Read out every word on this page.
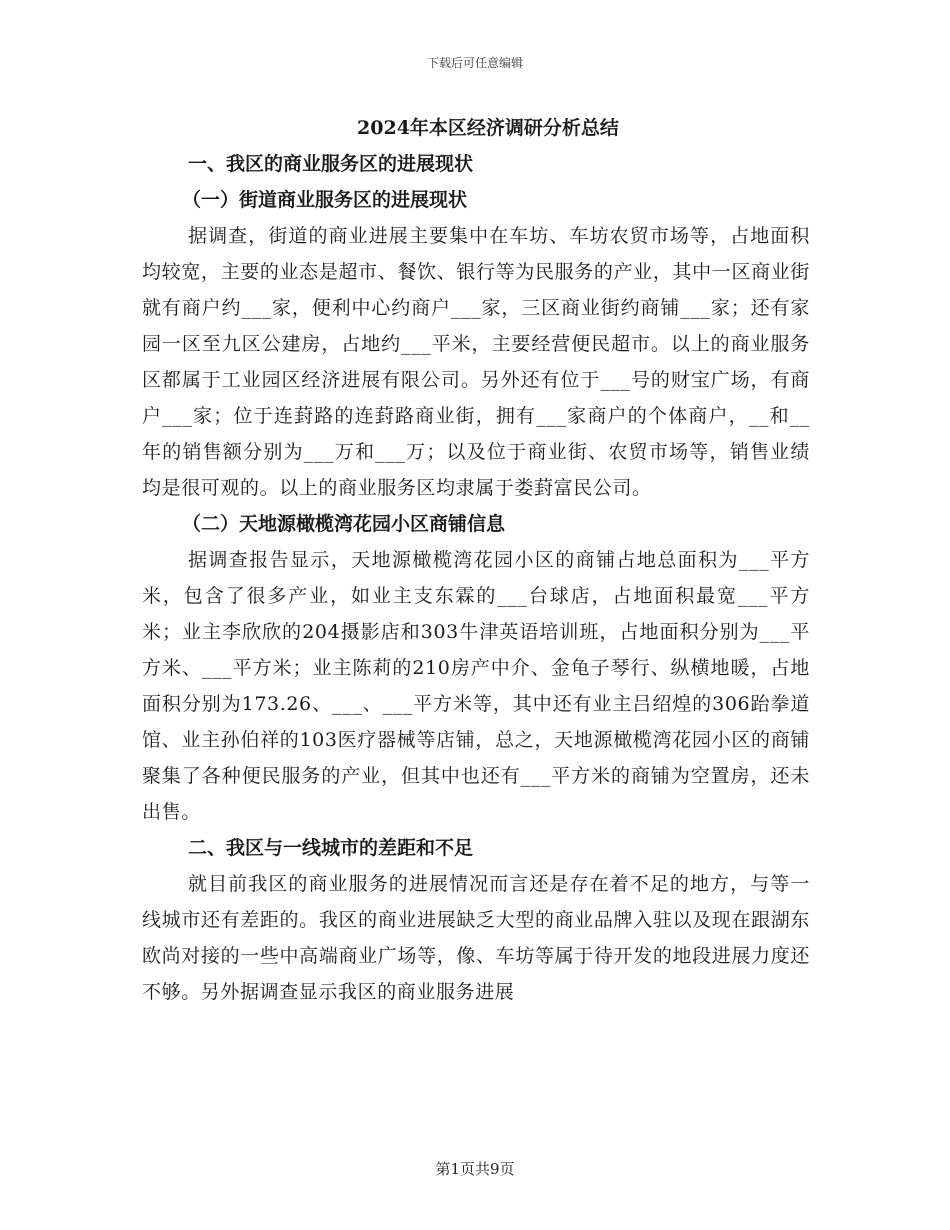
下载后可任意编辑
2024年本区经济调研分析总结
一、我区的商业服务区的进展现状
（一）街道商业服务区的进展现状

据调查，街道的商业进展主要集中在车坊、车坊农贸市场等，占地面积均较宽，主要的业态是超市、餐饮、银行等为民服务的产业，其中一区商业街就有商户约___家，便利中心约商户___家，三区商业街约商铺___家；还有家园一区至九区公建房，占地约___平米，主要经营便民超市。以上的商业服务区都属于工业园区经济进展有限公司。另外还有位于___号的财宝广场，有商户___家；位于连葑路的连葑路商业街，拥有___家商户的个体商户，__和__年的销售额分别为___万和___万；以及位于商业街、农贸市场等，销售业绩均是很可观的。以上的商业服务区均隶属于娄葑富民公司。

（二）天地源橄榄湾花园小区商铺信息

据调查报告显示，天地源橄榄湾花园小区的商铺占地总面积为___平方米，包含了很多产业，如业主支东霖的___台球店，占地面积最宽___平方米；业主李欣欣的204摄影店和303牛津英语培训班，占地面积分别为___平方米、___平方米；业主陈莉的210房产中介、金龟子琴行、纵横地暖，占地面积分别为173.26、___、___平方米等，其中还有业主吕绍煌的306跆拳道馆、业主孙伯祥的103医疗器械等店铺，总之，天地源橄榄湾花园小区的商铺聚集了各种便民服务的产业，但其中也还有___平方米的商铺为空置房，还未出售。

二、我区与一线城市的差距和不足

就目前我区的商业服务的进展情况而言还是存在着不足的地方，与等一线城市还有差距的。我区的商业进展缺乏大型的商业品牌入驻以及现在跟湖东欧尚对接的一些中高端商业广场等，像、车坊等属于待开发的地段进展力度还不够。另外据调查显示我区的商业服务进展

第1页共9页
